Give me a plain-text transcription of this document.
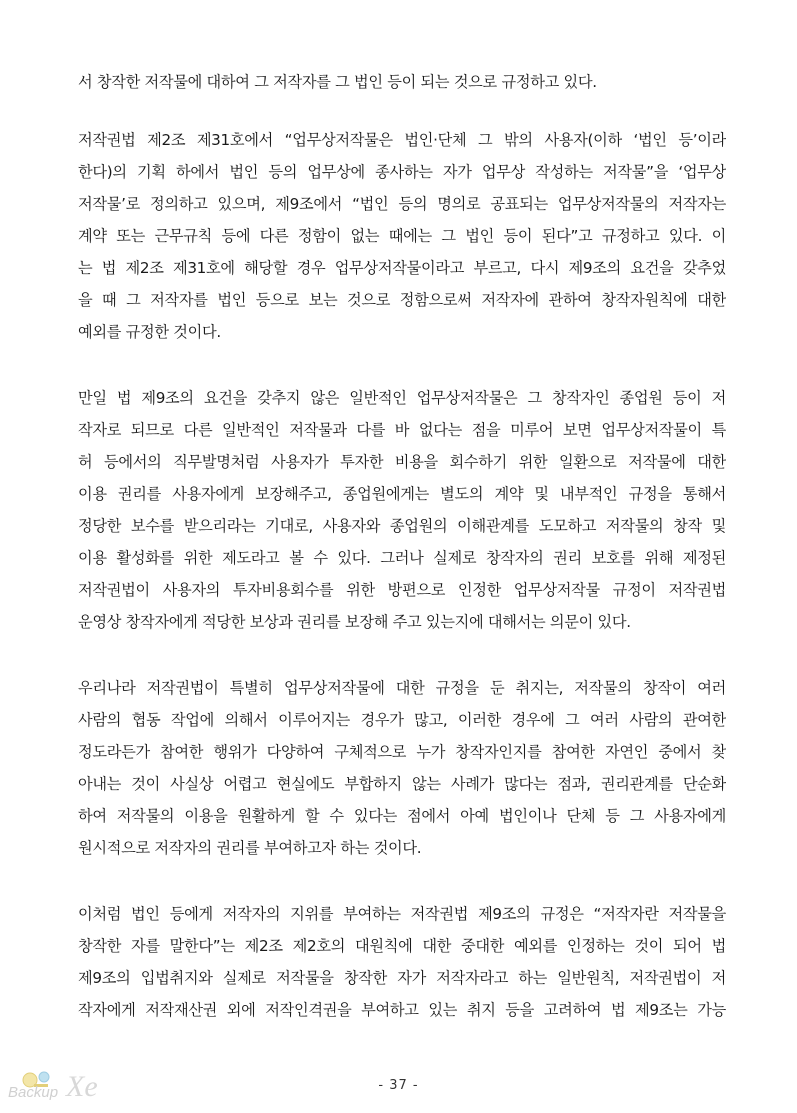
서 창작한 저작물에 대하여 그 저작자를 그 법인 등이 되는 것으로 규정하고 있다.
저작권법 제2조 제31호에서 “업무상저작물은 법인·단체 그 밖의 사용자(이하 ‘법인 등’이라
한다)의 기획 하에서 법인 등의 업무상에 종사하는 자가 업무상 작성하는 저작물”을 ‘업무상
저작물’로 정의하고 있으며, 제9조에서 “법인 등의 명의로 공표되는 업무상저작물의 저작자는
계약 또는 근무규칙 등에 다른 정함이 없는 때에는 그 법인 등이 된다”고 규정하고 있다. 이
는 법 제2조 제31호에 해당할 경우 업무상저작물이라고 부르고, 다시 제9조의 요건을 갖추었
을 때 그 저작자를 법인 등으로 보는 것으로 정함으로써 저작자에 관하여 창작자원칙에 대한
예외를 규정한 것이다.
만일 법 제9조의 요건을 갖추지 않은 일반적인 업무상저작물은 그 창작자인 종업원 등이 저
작자로 되므로 다른 일반적인 저작물과 다를 바 없다는 점을 미루어 보면 업무상저작물이 특
허 등에서의 직무발명처럼 사용자가 투자한 비용을 회수하기 위한 일환으로 저작물에 대한
이용 권리를 사용자에게 보장해주고, 종업원에게는 별도의 계약 및 내부적인 규정을 통해서
정당한 보수를 받으리라는 기대로, 사용자와 종업원의 이해관계를 도모하고 저작물의 창작 및
이용 활성화를 위한 제도라고 볼 수 있다. 그러나 실제로 창작자의 권리 보호를 위해 제정된
저작권법이 사용자의 투자비용회수를 위한 방편으로 인정한 업무상저작물 규정이 저작권법
운영상 창작자에게 적당한 보상과 권리를 보장해 주고 있는지에 대해서는 의문이 있다.
우리나라 저작권법이 특별히 업무상저작물에 대한 규정을 둔 취지는, 저작물의 창작이 여러
사람의 협동 작업에 의해서 이루어지는 경우가 많고, 이러한 경우에 그 여러 사람의 관여한
정도라든가 참여한 행위가 다양하여 구체적으로 누가 창작자인지를 참여한 자연인 중에서 찾
아내는 것이 사실상 어렵고 현실에도 부합하지 않는 사례가 많다는 점과, 권리관계를 단순화
하여 저작물의 이용을 원활하게 할 수 있다는 점에서 아예 법인이나 단체 등 그 사용자에게
원시적으로 저작자의 권리를 부여하고자 하는 것이다.
이처럼 법인 등에게 저작자의 지위를 부여하는 저작권법 제9조의 규정은 “저작자란 저작물을
창작한 자를 말한다”는 제2조 제2호의 대원칙에 대한 중대한 예외를 인정하는 것이 되어 법
제9조의 입법취지와 실제로 저작물을 창작한 자가 저작자라고 하는 일반원칙, 저작권법이 저
작자에게 저작재산권 외에 저작인격권을 부여하고 있는 취지 등을 고려하여 법 제9조는 가능
- 37 -
Backup Xe
